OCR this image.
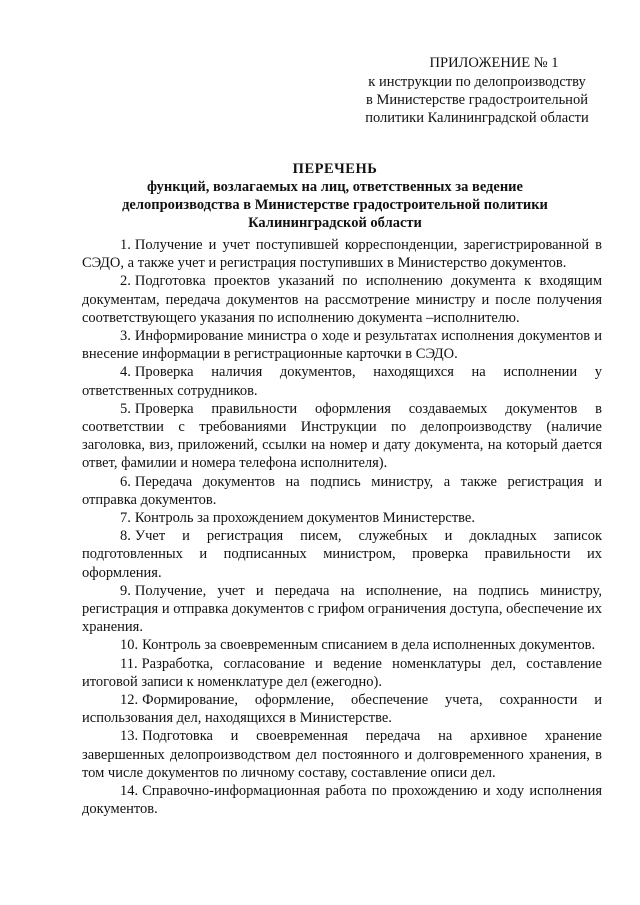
ПРИЛОЖЕНИЕ № 1
к инструкции по делопроизводству
в Министерстве градостроительной
политики Калининградской области
ПЕРЕЧЕНЬ
функций, возлагаемых на лиц, ответственных за ведение делопроизводства в Министерстве градостроительной политики Калининградской области

1. Получение и учет поступившей корреспонденции, зарегистрированной в СЭДО, а также учет и регистрация поступивших в Министерство документов.

2. Подготовка проектов указаний по исполнению документа к входящим документам, передача документов на рассмотрение министру и после получения соответствующего указания по исполнению документа –исполнителю.

3. Информирование министра о ходе и результатах исполнения документов и внесение информации в регистрационные карточки в СЭДО.

4. Проверка наличия документов, находящихся на исполнении у ответственных сотрудников.

5. Проверка правильности оформления создаваемых документов в соответствии с требованиями Инструкции по делопроизводству (наличие заголовка, виз, приложений, ссылки на номер и дату документа, на который дается ответ, фамилии и номера телефона исполнителя).

6. Передача документов на подпись министру, а также регистрация и отправка документов.

7. Контроль за прохождением документов Министерстве.

8. Учет и регистрация писем, служебных и докладных записок подготовленных и подписанных министром, проверка правильности их оформления.

9. Получение, учет и передача на исполнение, на подпись министру, регистрация и отправка документов с грифом ограничения доступа, обеспечение их хранения.

10. Контроль за своевременным списанием в дела исполненных документов.

11. Разработка, согласование и ведение номенклатуры дел, составление итоговой записи к номенклатуре дел (ежегодно).

12. Формирование, оформление, обеспечение учета, сохранности и использования дел, находящихся в Министерстве.

13. Подготовка и своевременная передача на архивное хранение завершенных делопроизводством дел постоянного и долговременного хранения, в том числе документов по личному составу, составление описи дел.

14. Справочно-информационная работа по прохождению и ходу исполнения документов.
